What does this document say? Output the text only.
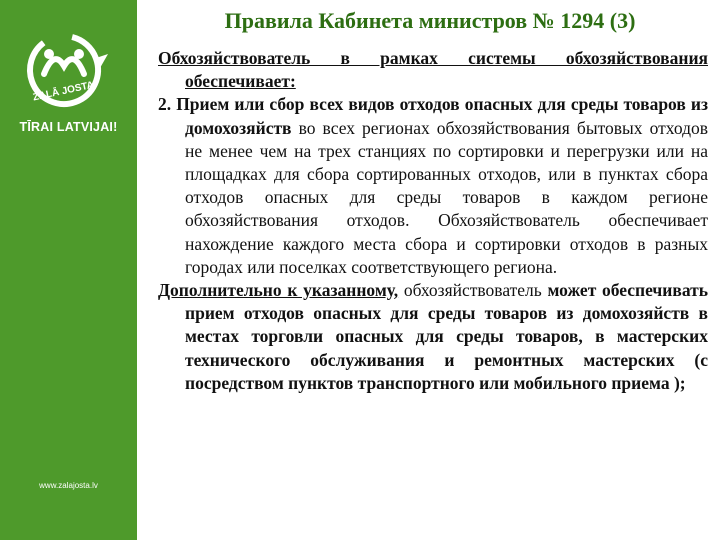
ZAĻĀ JOSTA
TĪRAI LATVIJAI!
www.zalajosta.lv
Правила Кабинета министров № 1294 (3)

Обхозяйствователь в рамках системы обхозяйствования обеспечивает:

2. Прием или сбор всех видов отходов опасных для среды товаров из домохозяйств во всех регионах обхозяйствования бытовых отходов не менее чем на трех станциях по сортировки и перегрузки или на площадках для сбора сортированных отходов, или в пунктах сбора отходов опасных для среды товаров в каждом регионе обхозяйствования отходов. Обхозяйствователь обеспечивает нахождение каждого места сбора и сортировки отходов в разных городах или поселках соответствующего региона.

Дополнительно к указанному, обхозяйствователь может обеспечивать прием отходов опасных для среды товаров из домохозяйств в местах торговли опасных для среды товаров, в мастерских технического обслуживания и ремонтных мастерских (с посредством пунктов транспортного или мобильного приема );
